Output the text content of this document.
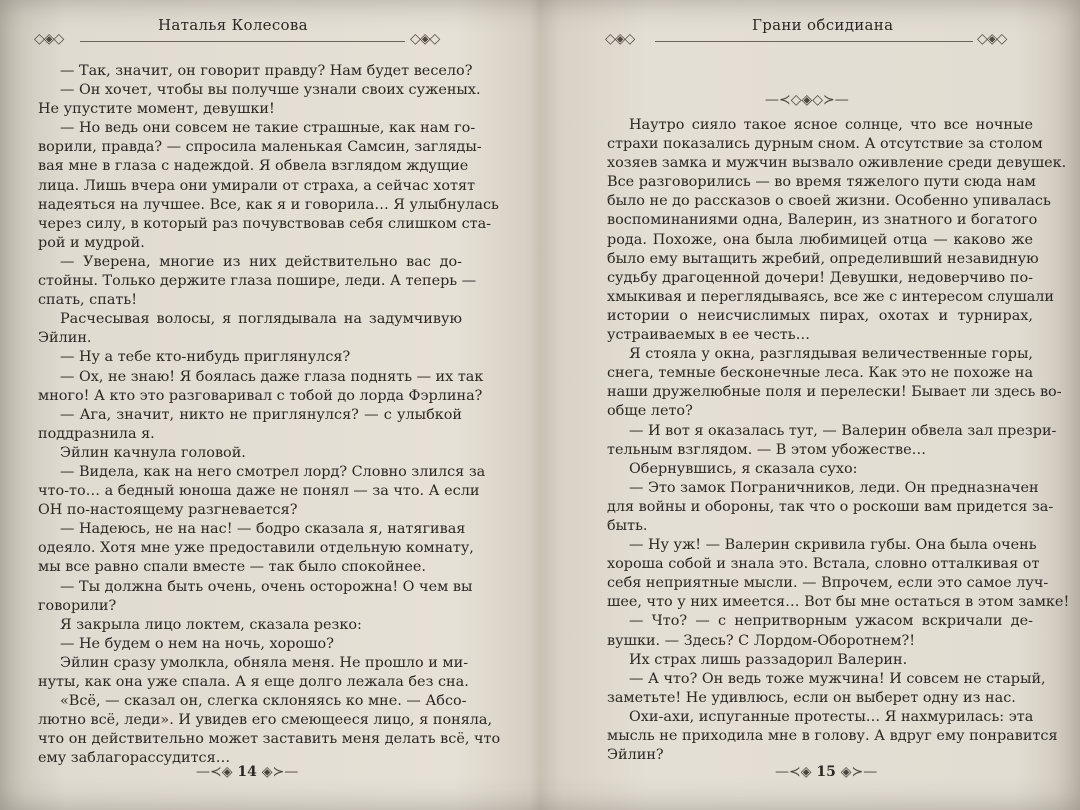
◇◈◇	◇◈◇
Наталья Колесова
— Так, значит, он говорит правду? Нам будет весело?
— Он хочет, чтобы вы получше узнали своих суженых.
Не упустите момент, девушки!
— Но ведь они совсем не такие страшные, как нам го-
ворили, правда? — спросила маленькая Самсин, загляды-
вая мне в глаза с надеждой. Я обвела взглядом ждущие
лица. Лишь вчера они умирали от страха, а сейчас хотят
надеяться на лучшее. Все, как я и говорила… Я улыбнулась
через силу, в который раз почувствовав себя слишком ста-
рой и мудрой.
— Уверена, многие из них действительно вас до-
стойны. Только держите глаза пошире, леди. А теперь —
спать, спать!
Расчесывая волосы, я поглядывала на задумчивую
Эйлин.
— Ну а тебе кто-нибудь приглянулся?
— Ох, не знаю! Я боялась даже глаза поднять — их так
много! А кто это разговаривал с тобой до лорда Фэрлина?
— Ага, значит, никто не приглянулся? — с улыбкой
поддразнила я.
Эйлин качнула головой.
— Видела, как на него смотрел лорд? Словно злился за
что-то… а бедный юноша даже не понял — за что. А если
ОН по-настоящему разгневается?
— Надеюсь, не на нас! — бодро сказала я, натягивая
одеяло. Хотя мне уже предоставили отдельную комнату,
мы все равно спали вместе — так было спокойнее.
— Ты должна быть очень, очень осторожна! О чем вы
говорили?
Я закрыла лицо локтем, сказала резко:
— Не будем о нем на ночь, хорошо?
Эйлин сразу умолкла, обняла меня. Не прошло и ми-
нуты, как она уже спала. А я еще долго лежала без сна.
«Всё, — сказал он, слегка склоняясь ко мне. — Абсо-
лютно всё, леди». И увидев его смеющееся лицо, я поняла,
что он действительно может заставить меня делать всё, что
ему заблагорассудится…
—≺◈ 14 ◈≻—
◇◈◇	◇◈◇
Грани обсидиана
—≺◇◈◇≻—
Наутро сияло такое ясное солнце, что все ночные
страхи показались дурным сном. А отсутствие за столом
хозяев замка и мужчин вызвало оживление среди девушек.
Все разговорились — во время тяжелого пути сюда нам
было не до рассказов о своей жизни. Особенно упивалась
воспоминаниями одна, Валерин, из знатного и богатого
рода. Похоже, она была любимицей отца — каково же
было ему вытащить жребий, определивший незавидную
судьбу драгоценной дочери! Девушки, недоверчиво по-
хмыкивая и переглядываясь, все же с интересом слушали
истории о неисчислимых пирах, охотах и турнирах,
устраиваемых в ее честь…
Я стояла у окна, разглядывая величественные горы,
снега, темные бесконечные леса. Как это не похоже на
наши дружелюбные поля и перелески! Бывает ли здесь во-
обще лето?
— И вот я оказалась тут, — Валерин обвела зал презри-
тельным взглядом. — В этом убожестве…
Обернувшись, я сказала сухо:
— Это замок Пограничников, леди. Он предназначен
для войны и обороны, так что о роскоши вам придется за-
быть.
— Ну уж! — Валерин скривила губы. Она была очень
хороша собой и знала это. Встала, словно отталкивая от
себя неприятные мысли. — Впрочем, если это самое луч-
шее, что у них имеется… Вот бы мне остаться в этом замке!
— Что? — с непритворным ужасом вскричали де-
вушки. — Здесь? С Лордом-Оборотнем?!
Их страх лишь раззадорил Валерин.
— А что? Он ведь тоже мужчина! И совсем не старый,
заметьте! Не удивлюсь, если он выберет одну из нас.
Охи-ахи, испуганные протесты… Я нахмурилась: эта
мысль не приходила мне в голову. А вдруг ему понравится
Эйлин?
—≺◈ 15 ◈≻—
